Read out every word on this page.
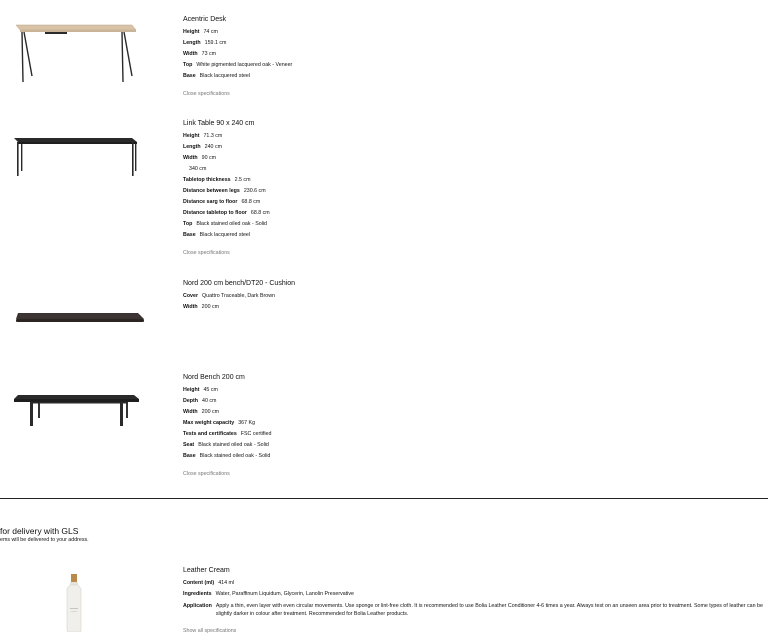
Acentric Desk
Height 74 cm
Length 159.1 cm
Width 73 cm
Top White pigmented lacquered oak - Veneer
Base Black lacquered steel
Close specifications
Link Table 90 x 240 cm
Height 71.3 cm
Length 240 cm
Width 90 cm
340 cm
Tabletop thickness 2.5 cm
Distance between legs 230.6 cm
Distance sarg to floor 68.8 cm
Distance tabletop to floor 68.8 cm
Top Black stained oiled oak - Solid
Base Black lacquered steel
Close specifications
Nord 200 cm bench/DT20 - Cushion
Cover Quattro Traceable, Dark Brown
Width 200 cm
Nord Bench 200 cm
Height 45 cm
Depth 40 cm
Width 200 cm
Max weight capacity 367 Kg
Tests and certificates FSC certified
Seat Black stained oiled oak - Solid
Base Black stained oiled oak - Solid
Close specifications
for delivery with GLS
ems will be delivered to your address.
Leather Cream
Content (ml) 414 ml
Ingredients Water, Paraffinum Liquidum, Glycerin, Lanolin Preservative
Application Apply a thin, even layer with even circular movements. Use sponge or lint-free cloth. It is recommended to use Bolia Leather Conditioner 4-6 times a year. Always test on an unseen area prior to treatment. Some types of leather can be slightly darker in colour after treatment. Recommended for Bolia Leather products.
Show all specifications
